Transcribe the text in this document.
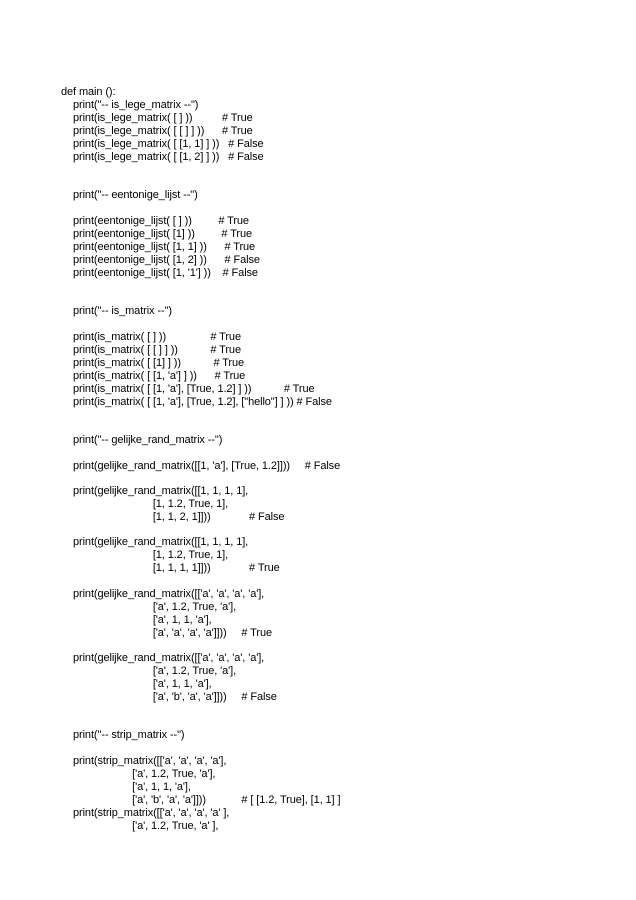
def main ():
print("-- is_lege_matrix --")
print(is_lege_matrix( [ ] ))          # True
print(is_lege_matrix( [ [ ] ] ))      # True
print(is_lege_matrix( [ [1, 1] ] ))   # False
print(is_lege_matrix( [ [1, 2] ] ))   # False
print("-- eentonige_lijst --")
print(eentonige_lijst( [ ] ))         # True
print(eentonige_lijst( [1] ))         # True
print(eentonige_lijst( [1, 1] ))      # True
print(eentonige_lijst( [1, 2] ))      # False
print(eentonige_lijst( [1, '1'] ))    # False
print("-- is_matrix --")
print(is_matrix( [ ] ))               # True
print(is_matrix( [ [ ] ] ))           # True
print(is_matrix( [ [1] ] ))           # True
print(is_matrix( [ [1, 'a'] ] ))      # True
print(is_matrix( [ [1, 'a'], [True, 1.2] ] ))           # True
print(is_matrix( [ [1, 'a'], [True, 1.2], ["hello"] ] )) # False
print("-- gelijke_rand_matrix --")
print(gelijke_rand_matrix([[1, 'a'], [True, 1.2]]))     # False
print(gelijke_rand_matrix([[1, 1, 1, 1],
[1, 1.2, True, 1],
[1, 1, 2, 1]]))             # False
print(gelijke_rand_matrix([[1, 1, 1, 1],
[1, 1.2, True, 1],
[1, 1, 1, 1]]))             # True
print(gelijke_rand_matrix([['a', 'a', 'a', 'a'],
['a', 1.2, True, 'a'],
['a', 1, 1, 'a'],
['a', 'a', 'a', 'a']]))     # True
print(gelijke_rand_matrix([['a', 'a', 'a', 'a'],
['a', 1.2, True, 'a'],
['a', 1, 1, 'a'],
['a', 'b', 'a', 'a']]))     # False
print("-- strip_matrix --")
print(strip_matrix([['a', 'a', 'a', 'a'],
['a', 1.2, True, 'a'],
['a', 1, 1, 'a'],
['a', 'b', 'a', 'a']]))            # [ [1.2, True], [1, 1] ]
print(strip_matrix([['a', 'a', 'a', 'a' ],
['a', 1.2, True, 'a' ],
